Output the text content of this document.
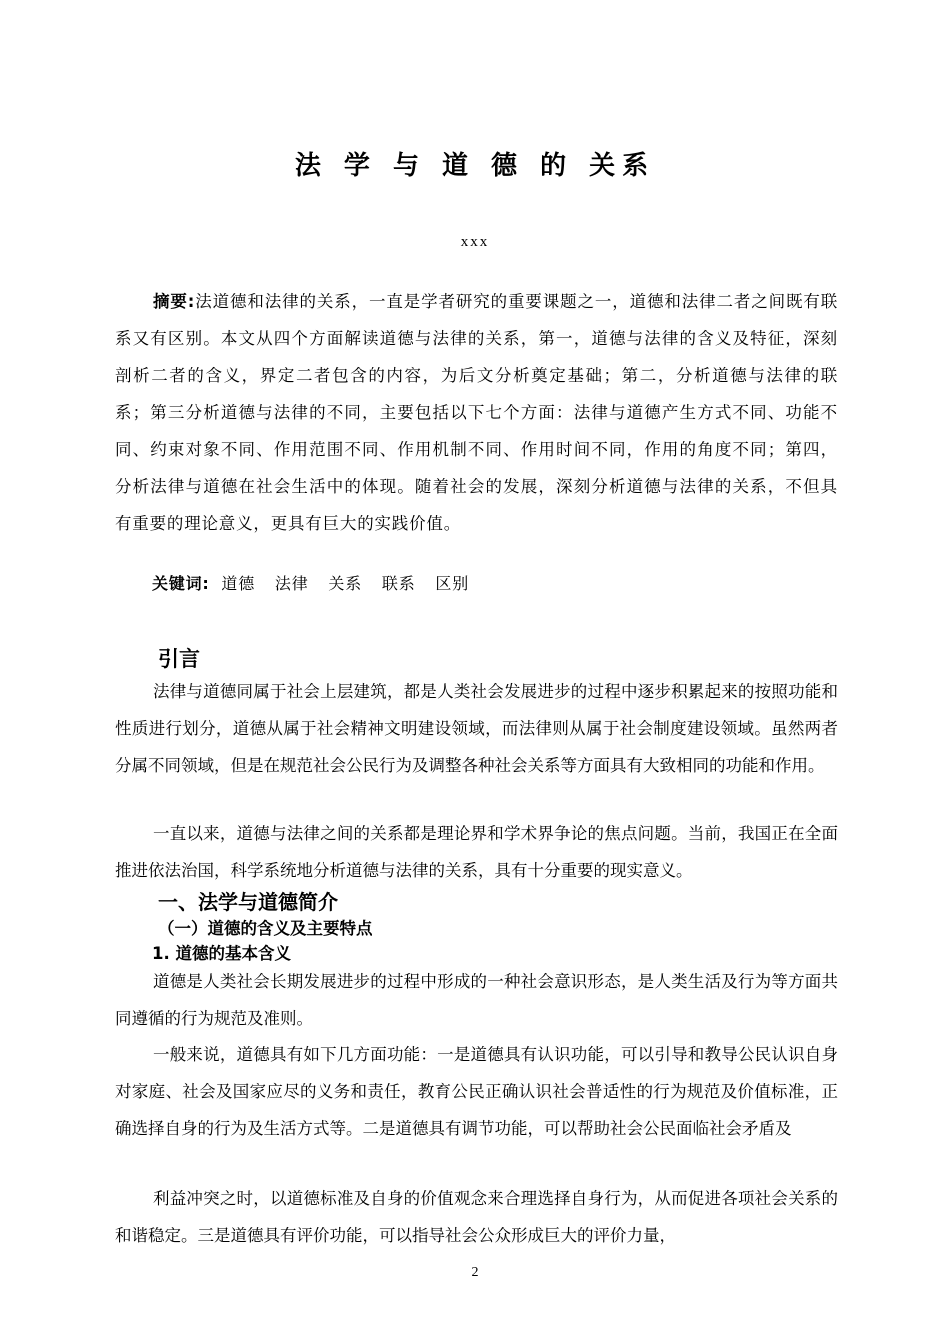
法 学 与 道 德 的 关系
xxx

摘要:法道德和法律的关系，一直是学者研究的重要课题之一，道德和法律二者之间既有联系又有区别。本文从四个方面解读道德与法律的关系，第一，道德与法律的含义及特征，深刻剖析二者的含义，界定二者包含的内容，为后文分析奠定基础；第二，分析道德与法律的联系；第三分析道德与法律的不同，主要包括以下七个方面：法律与道德产生方式不同、功能不同、约束对象不同、作用范围不同、作用机制不同、作用时间不同，作用的角度不同；第四，分析法律与道德在社会生活中的体现。随着社会的发展，深刻分析道德与法律的关系，不但具有重要的理论意义，更具有巨大的实践价值。

关键词: 道德 法律 关系 联系 区别
引言

法律与道德同属于社会上层建筑，都是人类社会发展进步的过程中逐步积累起来的按照功能和性质进行划分，道德从属于社会精神文明建设领域，而法律则从属于社会制度建设领域。虽然两者分属不同领域，但是在规范社会公民行为及调整各种社会关系等方面具有大致相同的功能和作用。

一直以来，道德与法律之间的关系都是理论界和学术界争论的焦点问题。当前，我国正在全面推进依法治国，科学系统地分析道德与法律的关系，具有十分重要的现实意义。

一、法学与道德简介
（一）道德的含义及主要特点
1. 道德的基本含义

道德是人类社会长期发展进步的过程中形成的一种社会意识形态，是人类生活及行为等方面共同遵循的行为规范及准则。

一般来说，道德具有如下几方面功能：一是道德具有认识功能，可以引导和教导公民认识自身对家庭、社会及国家应尽的义务和责任，教育公民正确认识社会普适性的行为规范及价值标准，正确选择自身的行为及生活方式等。二是道德具有调节功能，可以帮助社会公民面临社会矛盾及

利益冲突之时，以道德标准及自身的价值观念来合理选择自身行为，从而促进各项社会关系的和谐稳定。三是道德具有评价功能，可以指导社会公众形成巨大的评价力量，

2
